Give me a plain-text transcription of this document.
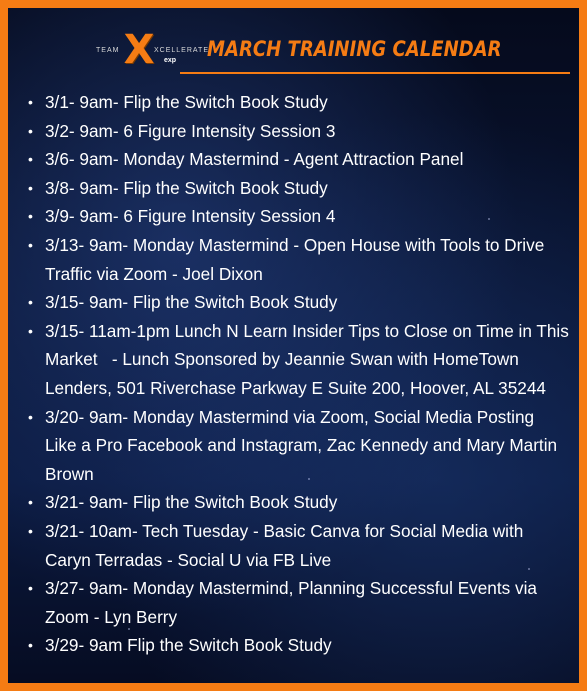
TEAM X XCELLERATE
exp MARCH TRAINING CALENDAR
• 3/1- 9am- Flip the Switch Book Study
• 3/2- 9am- 6 Figure Intensity Session 3
• 3/6- 9am- Monday Mastermind - Agent Attraction Panel
• 3/8- 9am- Flip the Switch Book Study
• 3/9- 9am- 6 Figure Intensity Session 4
• 3/13- 9am- Monday Mastermind - Open House with Tools to Drive Traffic via Zoom - Joel Dixon
• 3/15- 9am- Flip the Switch Book Study
• 3/15- 11am-1pm Lunch N Learn Insider Tips to Close on Time in This Market   - Lunch Sponsored by Jeannie Swan with HomeTown Lenders, 501 Riverchase Parkway E Suite 200, Hoover, AL 35244
• 3/20- 9am- Monday Mastermind via Zoom, Social Media Posting Like a Pro Facebook and Instagram, Zac Kennedy and Mary Martin Brown
• 3/21- 9am- Flip the Switch Book Study
• 3/21- 10am- Tech Tuesday - Basic Canva for Social Media with Caryn Terradas - Social U via FB Live
• 3/27- 9am- Monday Mastermind, Planning Successful Events via Zoom - Lyn Berry
• 3/29- 9am Flip the Switch Book Study
